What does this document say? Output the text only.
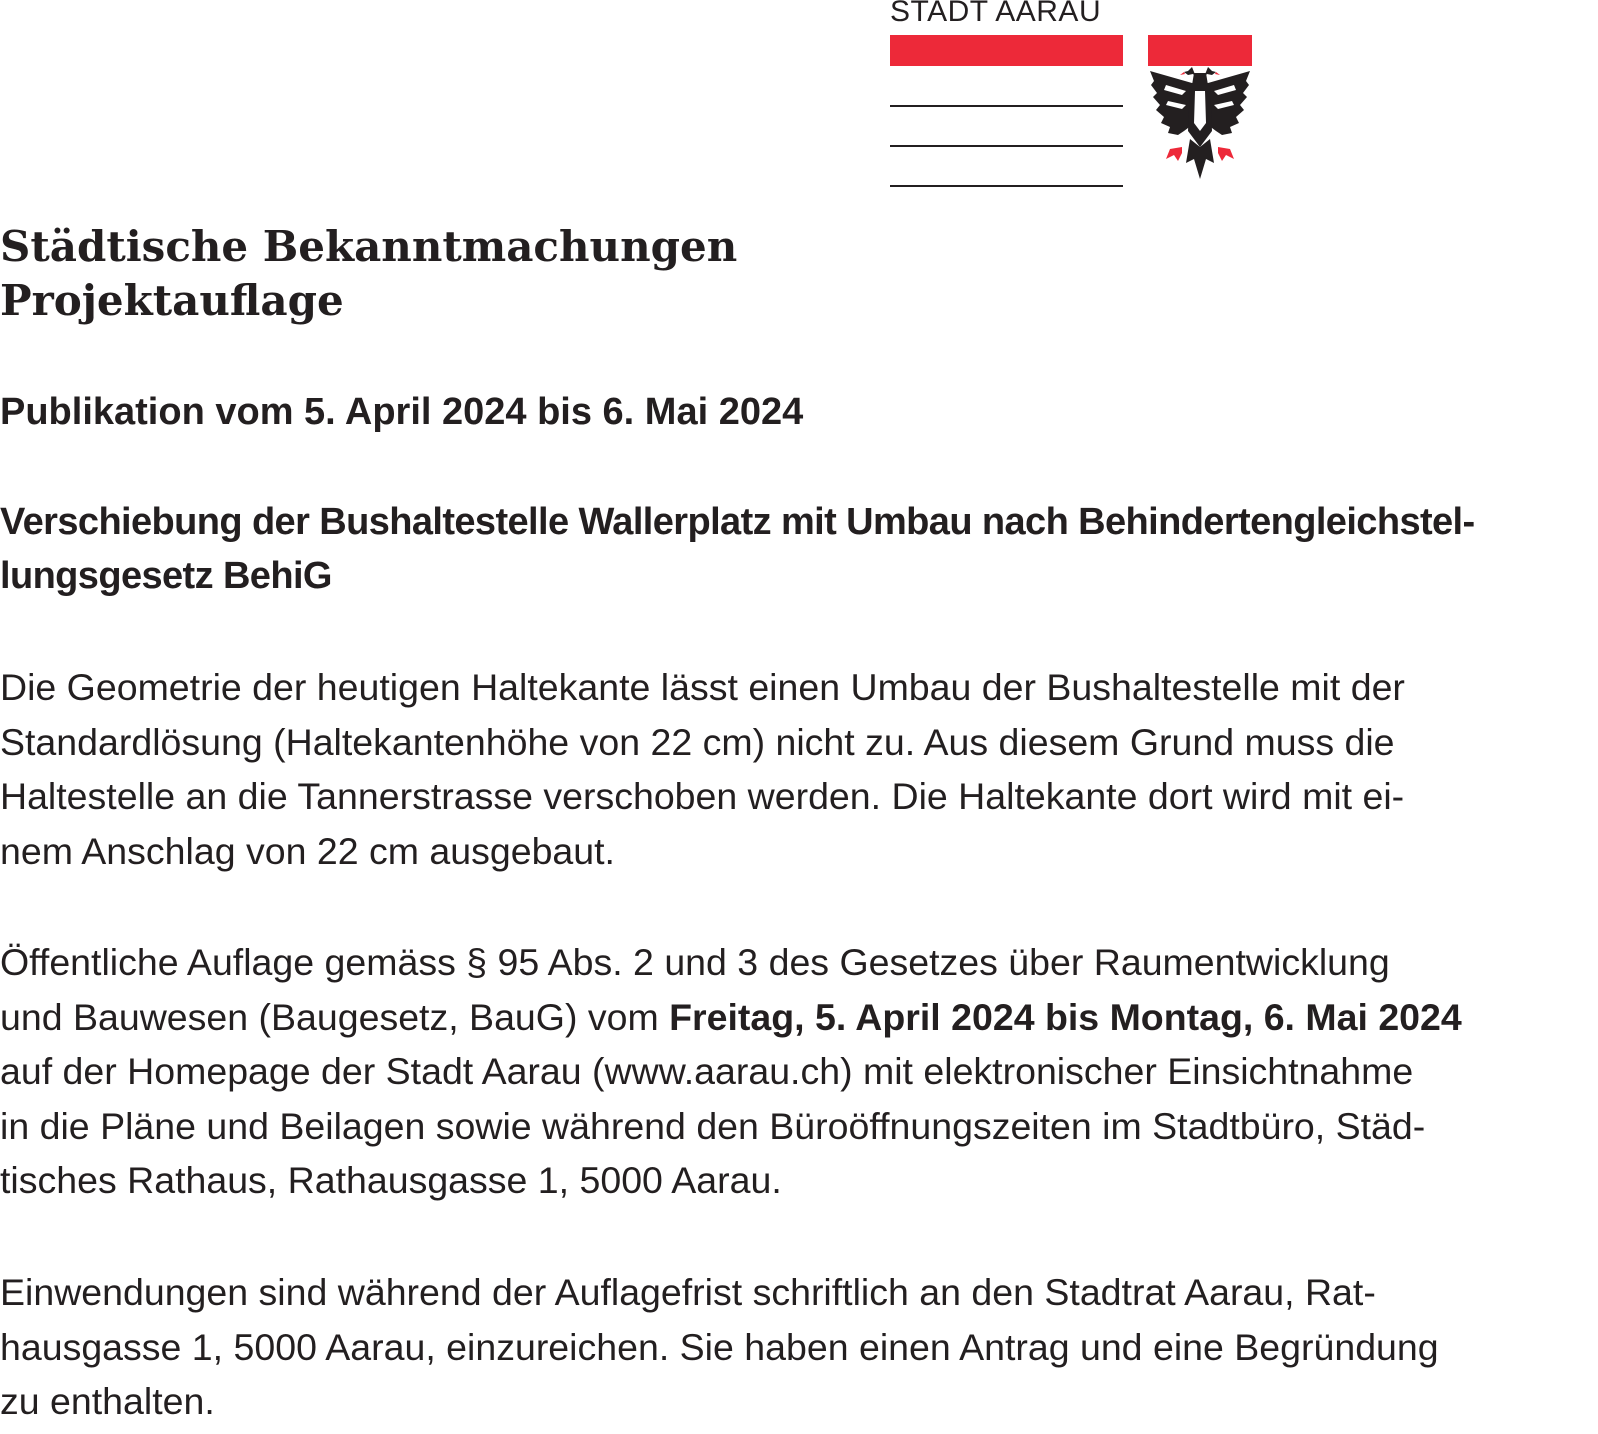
STADT AARAU
Städtische Bekanntmachungen
Projektauflage

Publikation vom 5. April 2024 bis 6. Mai 2024

Verschiebung der Bushaltestelle Wallerplatz mit Umbau nach Behindertengleichstel-
lungsgesetz BehiG

Die Geometrie der heutigen Haltekante lässt einen Umbau der Bushaltestelle mit der
Standardlösung (Haltekantenhöhe von 22 cm) nicht zu. Aus diesem Grund muss die
Haltestelle an die Tannerstrasse verschoben werden. Die Haltekante dort wird mit ei-
nem Anschlag von 22 cm ausgebaut.

Öffentliche Auflage gemäss § 95 Abs. 2 und 3 des Gesetzes über Raumentwicklung
und Bauwesen (Baugesetz, BauG) vom Freitag, 5. April 2024 bis Montag, 6. Mai 2024
auf der Homepage der Stadt Aarau (www.aarau.ch) mit elektronischer Einsichtnahme
in die Pläne und Beilagen sowie während den Büroöffnungszeiten im Stadtbüro, Städ-
tisches Rathaus, Rathausgasse 1, 5000 Aarau.

Einwendungen sind während der Auflagefrist schriftlich an den Stadtrat Aarau, Rat-
hausgasse 1, 5000 Aarau, einzureichen. Sie haben einen Antrag und eine Begründung
zu enthalten.
